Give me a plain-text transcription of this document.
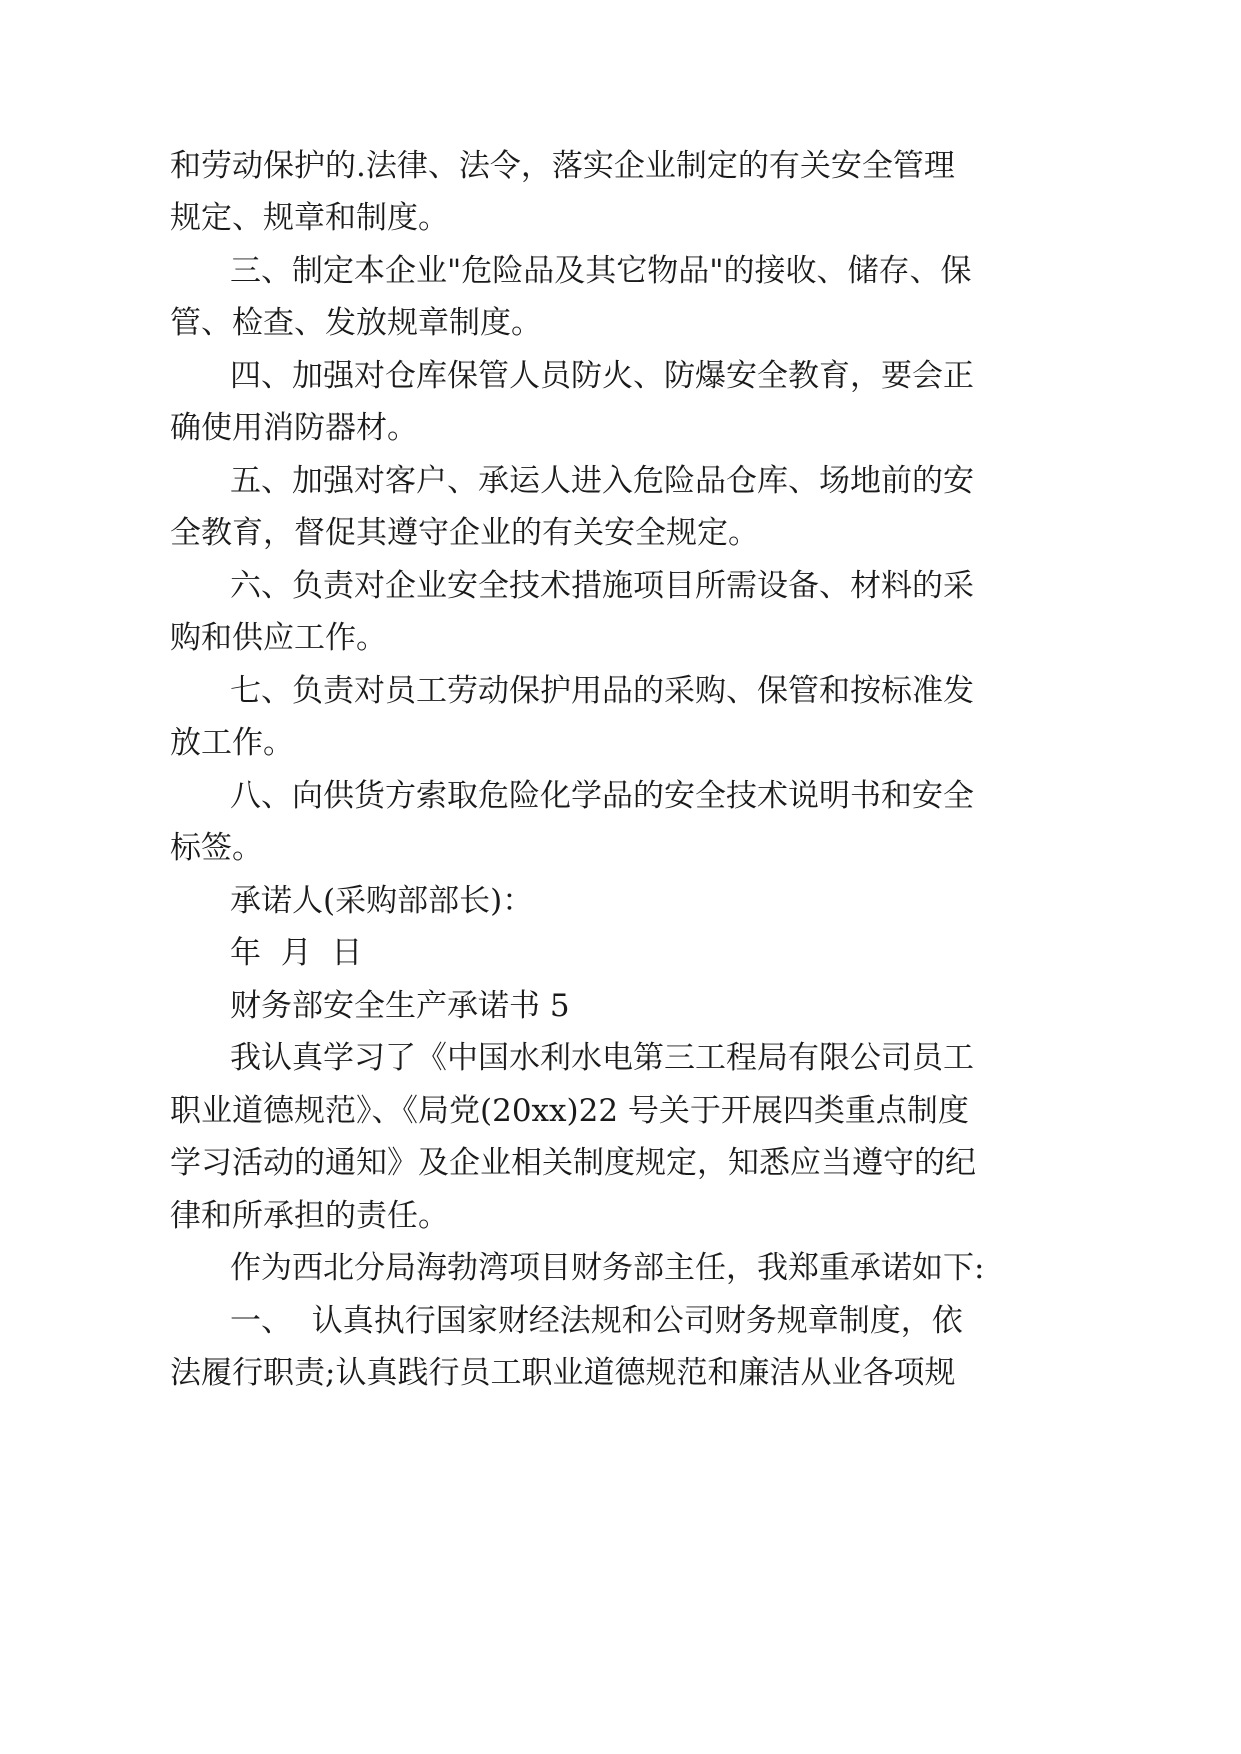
和劳动保护的.法律、法令，落实企业制定的有关安全管理
规定、规章和制度。
三、制定本企业"危险品及其它物品"的接收、储存、保
管、检查、发放规章制度。
四、加强对仓库保管人员防火、防爆安全教育，要会正
确使用消防器材。
五、加强对客户、承运人进入危险品仓库、场地前的安
全教育，督促其遵守企业的有关安全规定。
六、负责对企业安全技术措施项目所需设备、材料的采
购和供应工作。
七、负责对员工劳动保护用品的采购、保管和按标准发
放工作。
八、向供货方索取危险化学品的安全技术说明书和安全
标签。
承诺人(采购部部长)：
年  月  日
财务部安全生产承诺书 5
我认真学习了《中国水利水电第三工程局有限公司员工
职业道德规范》、《局党(20xx)22 号关于开展四类重点制度
学习活动的通知》及企业相关制度规定，知悉应当遵守的纪
律和所承担的责任。
作为西北分局海勃湾项目财务部主任，我郑重承诺如下:
一、  认真执行国家财经法规和公司财务规章制度，依
法履行职责;认真践行员工职业道德规范和廉洁从业各项规
